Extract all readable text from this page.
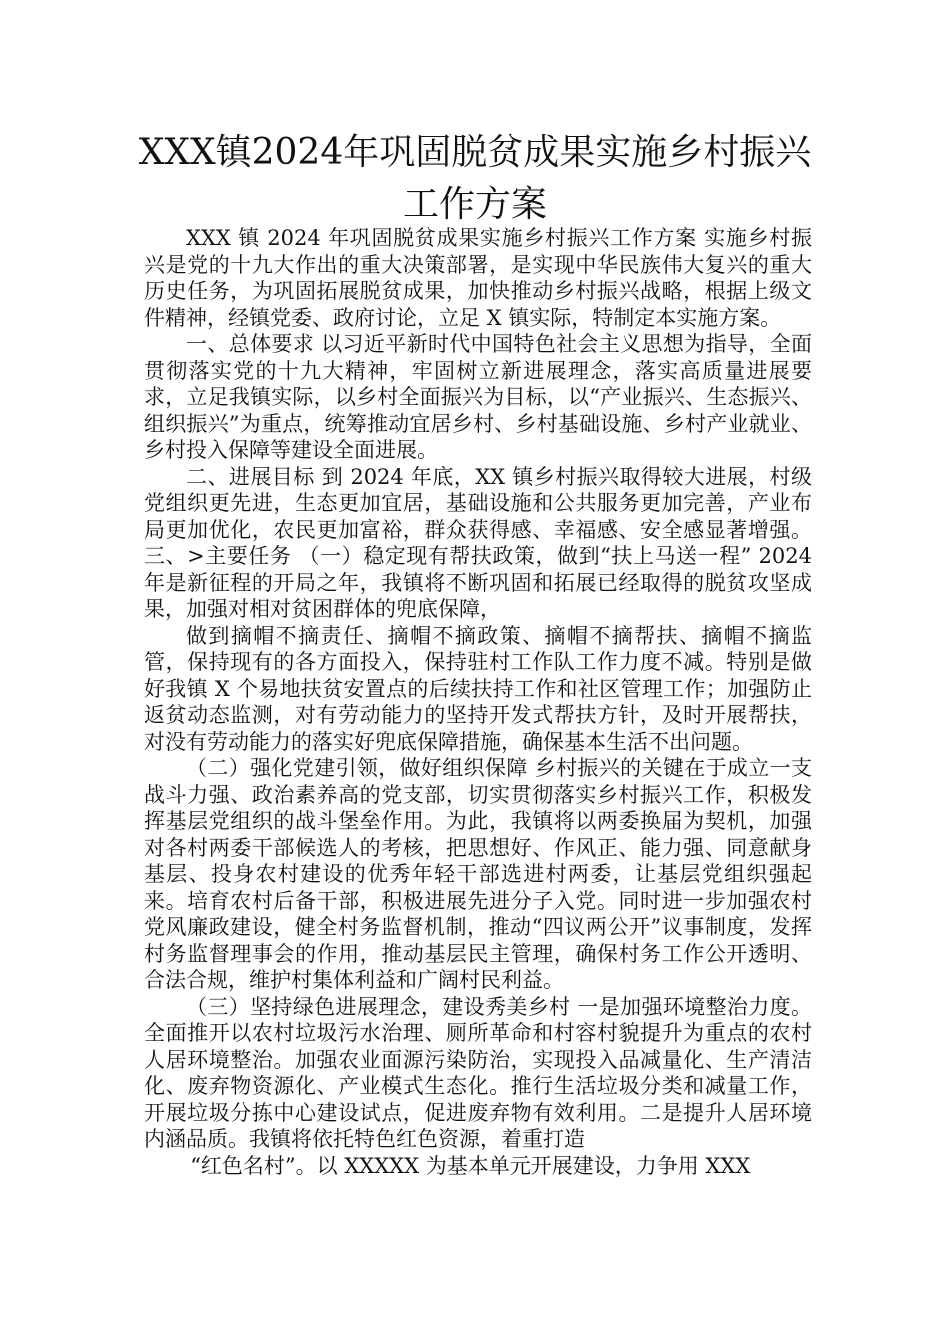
XXX镇2024年巩固脱贫成果实施乡村振兴
工作方案

XXX 镇 2024 年巩固脱贫成果实施乡村振兴工作方案 实施乡村振兴是党的十九大作出的重大决策部署，是实现中华民族伟大复兴的重大历史任务，为巩固拓展脱贫成果，加快推动乡村振兴战略，根据上级文件精神，经镇党委、政府讨论，立足 X 镇实际，特制定本实施方案。

一、总体要求 以习近平新时代中国特色社会主义思想为指导，全面贯彻落实党的十九大精神，牢固树立新进展理念，落实高质量进展要求，立足我镇实际，以乡村全面振兴为目标，以“产业振兴、生态振兴、组织振兴”为重点，统筹推动宜居乡村、乡村基础设施、乡村产业就业、乡村投入保障等建设全面进展。

二、进展目标 到 2024 年底，XX 镇乡村振兴取得较大进展，村级党组织更先进，生态更加宜居，基础设施和公共服务更加完善，产业布局更加优化，农民更加富裕，群众获得感、幸福感、安全感显著增强。三、>主要任务 （一）稳定现有帮扶政策，做到“扶上马送一程” 2024 年是新征程的开局之年，我镇将不断巩固和拓展已经取得的脱贫攻坚成果，加强对相对贫困群体的兜底保障，

做到摘帽不摘责任、摘帽不摘政策、摘帽不摘帮扶、摘帽不摘监管，保持现有的各方面投入，保持驻村工作队工作力度不减。特别是做好我镇 X 个易地扶贫安置点的后续扶持工作和社区管理工作；加强防止返贫动态监测，对有劳动能力的坚持开发式帮扶方针，及时开展帮扶，对没有劳动能力的落实好兜底保障措施，确保基本生活不出问题。

（二）强化党建引领，做好组织保障 乡村振兴的关键在于成立一支战斗力强、政治素养高的党支部，切实贯彻落实乡村振兴工作，积极发挥基层党组织的战斗堡垒作用。为此，我镇将以两委换届为契机，加强对各村两委干部候选人的考核，把思想好、作风正、能力强、同意献身基层、投身农村建设的优秀年轻干部选进村两委，让基层党组织强起来。培育农村后备干部，积极进展先进分子入党。同时进一步加强农村党风廉政建设，健全村务监督机制，推动“四议两公开”议事制度，发挥村务监督理事会的作用，推动基层民主管理，确保村务工作公开透明、合法合规，维护村集体利益和广阔村民利益。

（三）坚持绿色进展理念，建设秀美乡村 一是加强环境整治力度。全面推开以农村垃圾污水治理、厕所革命和村容村貌提升为重点的农村人居环境整治。加强农业面源污染防治，实现投入品减量化、生产清洁化、废弃物资源化、产业模式生态化。推行生活垃圾分类和减量工作，开展垃圾分拣中心建设试点，促进废弃物有效利用。二是提升人居环境内涵品质。我镇将依托特色红色资源，着重打造

“红色名村”。以 XXXXX 为基本单元开展建设，力争用 XXX
